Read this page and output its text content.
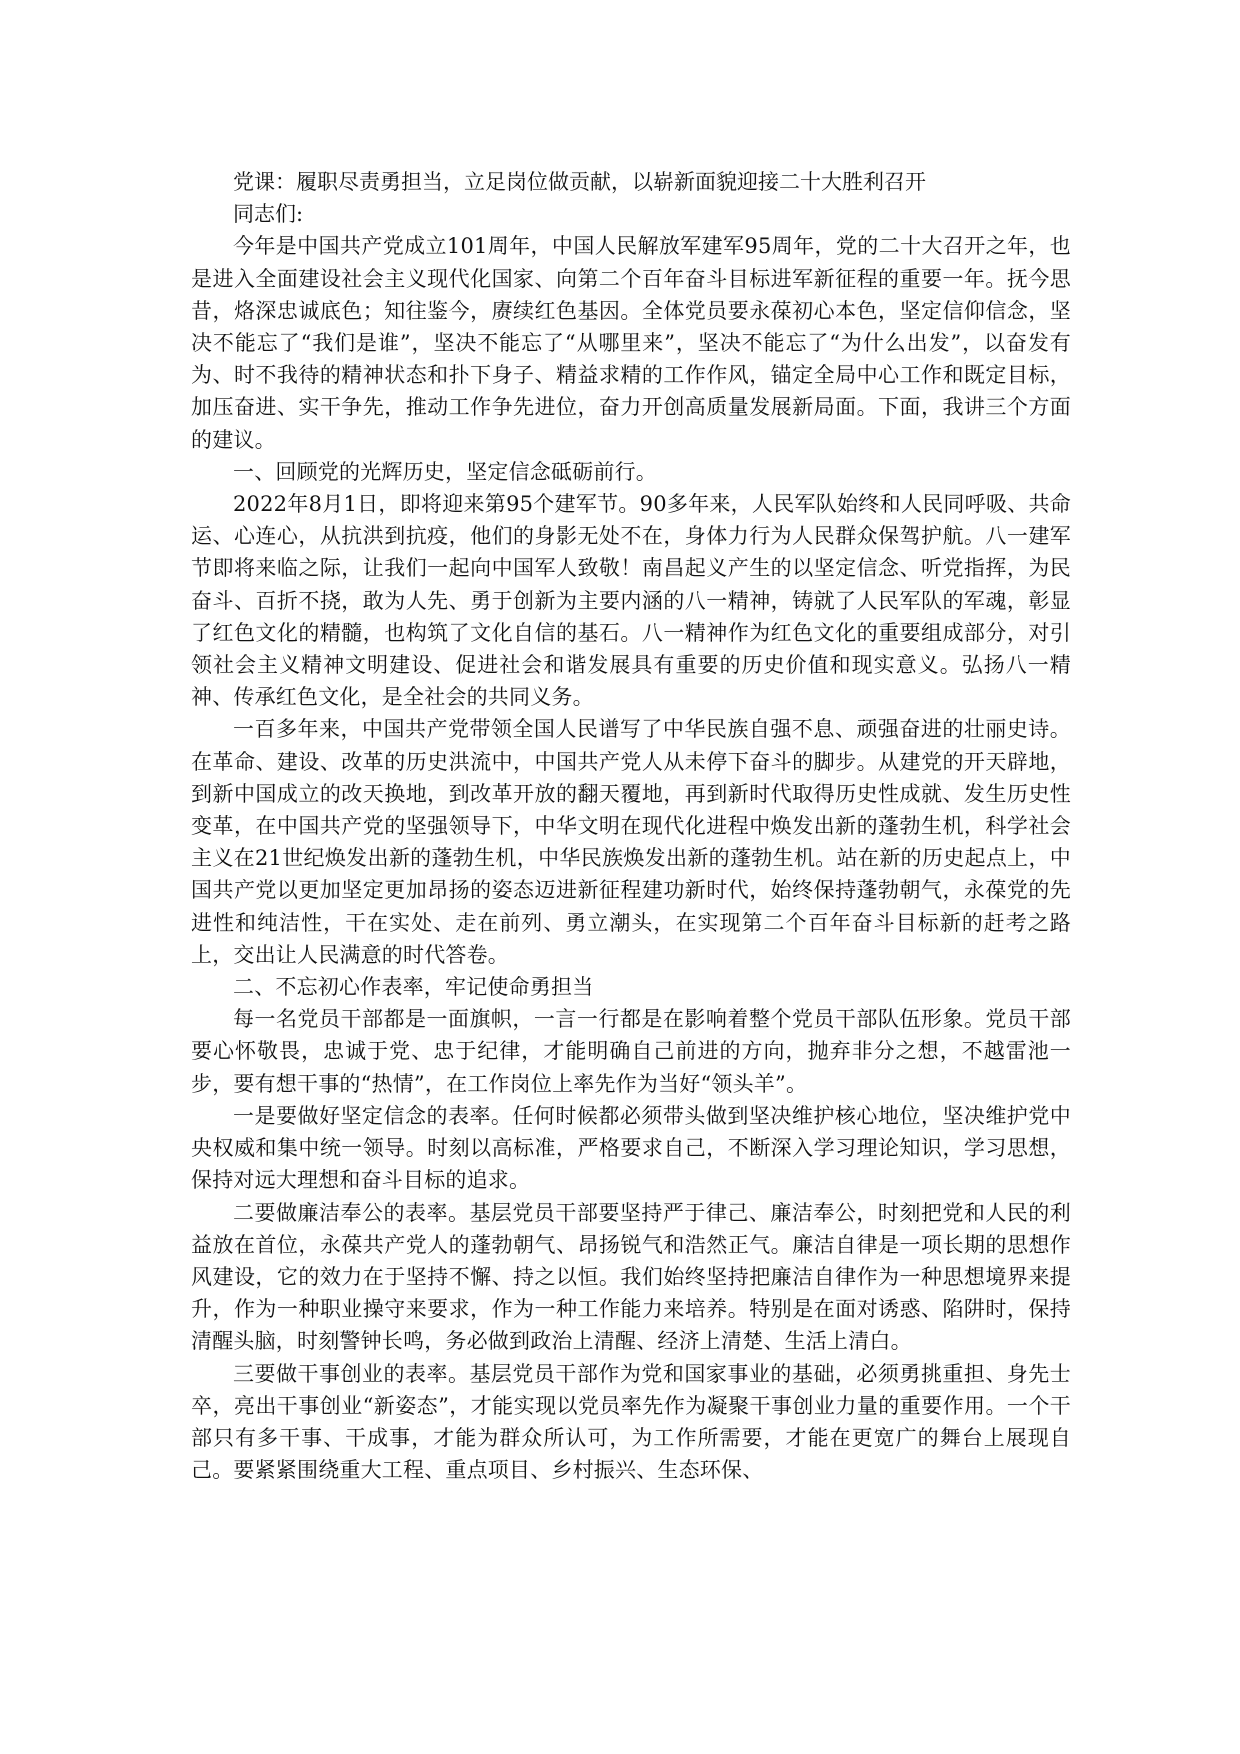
党课：履职尽责勇担当，立足岗位做贡献，以崭新面貌迎接二十大胜利召开

同志们:

今年是中国共产党成立101周年，中国人民解放军建军95周年，党的二十大召开之年，也是进入全面建设社会主义现代化国家、向第二个百年奋斗目标进军新征程的重要一年。抚今思昔，烙深忠诚底色；知往鉴今，赓续红色基因。全体党员要永葆初心本色，坚定信仰信念，坚决不能忘了“我们是谁”，坚决不能忘了“从哪里来”，坚决不能忘了“为什么出发”，以奋发有为、时不我待的精神状态和扑下身子、精益求精的工作作风，锚定全局中心工作和既定目标，加压奋进、实干争先，推动工作争先进位，奋力开创高质量发展新局面。下面，我讲三个方面的建议。

一、回顾党的光辉历史，坚定信念砥砺前行。

2022年8月1日，即将迎来第95个建军节。90多年来，人民军队始终和人民同呼吸、共命运、心连心，从抗洪到抗疫，他们的身影无处不在，身体力行为人民群众保驾护航。八一建军节即将来临之际，让我们一起向中国军人致敬！南昌起义产生的以坚定信念、听党指挥，为民奋斗、百折不挠，敢为人先、勇于创新为主要内涵的八一精神，铸就了人民军队的军魂，彰显了红色文化的精髓，也构筑了文化自信的基石。八一精神作为红色文化的重要组成部分，对引领社会主义精神文明建设、促进社会和谐发展具有重要的历史价值和现实意义。弘扬八一精神、传承红色文化，是全社会的共同义务。

一百多年来，中国共产党带领全国人民谱写了中华民族自强不息、顽强奋进的壮丽史诗。在革命、建设、改革的历史洪流中，中国共产党人从未停下奋斗的脚步。从建党的开天辟地，到新中国成立的改天换地，到改革开放的翻天覆地，再到新时代取得历史性成就、发生历史性变革，在中国共产党的坚强领导下，中华文明在现代化进程中焕发出新的蓬勃生机，科学社会主义在21世纪焕发出新的蓬勃生机，中华民族焕发出新的蓬勃生机。站在新的历史起点上，中国共产党以更加坚定更加昂扬的姿态迈进新征程建功新时代，始终保持蓬勃朝气，永葆党的先进性和纯洁性，干在实处、走在前列、勇立潮头，在实现第二个百年奋斗目标新的赶考之路上，交出让人民满意的时代答卷。

二、不忘初心作表率，牢记使命勇担当

每一名党员干部都是一面旗帜，一言一行都是在影响着整个党员干部队伍形象。党员干部要心怀敬畏，忠诚于党、忠于纪律，才能明确自己前进的方向，抛弃非分之想，不越雷池一步，要有想干事的“热情”，在工作岗位上率先作为当好“领头羊”。

一是要做好坚定信念的表率。任何时候都必须带头做到坚决维护核心地位，坚决维护党中央权威和集中统一领导。时刻以高标准，严格要求自己，不断深入学习理论知识，学习思想，保持对远大理想和奋斗目标的追求。

二要做廉洁奉公的表率。基层党员干部要坚持严于律己、廉洁奉公，时刻把党和人民的利益放在首位，永葆共产党人的蓬勃朝气、昂扬锐气和浩然正气。廉洁自律是一项长期的思想作风建设，它的效力在于坚持不懈、持之以恒。我们始终坚持把廉洁自律作为一种思想境界来提升，作为一种职业操守来要求，作为一种工作能力来培养。特别是在面对诱惑、陷阱时，保持清醒头脑，时刻警钟长鸣，务必做到政治上清醒、经济上清楚、生活上清白。

三要做干事创业的表率。基层党员干部作为党和国家事业的基础，必须勇挑重担、身先士卒，亮出干事创业“新姿态”，才能实现以党员率先作为凝聚干事创业力量的重要作用。一个干部只有多干事、干成事，才能为群众所认可，为工作所需要，才能在更宽广的舞台上展现自己。要紧紧围绕重大工程、重点项目、乡村振兴、生态环保、
